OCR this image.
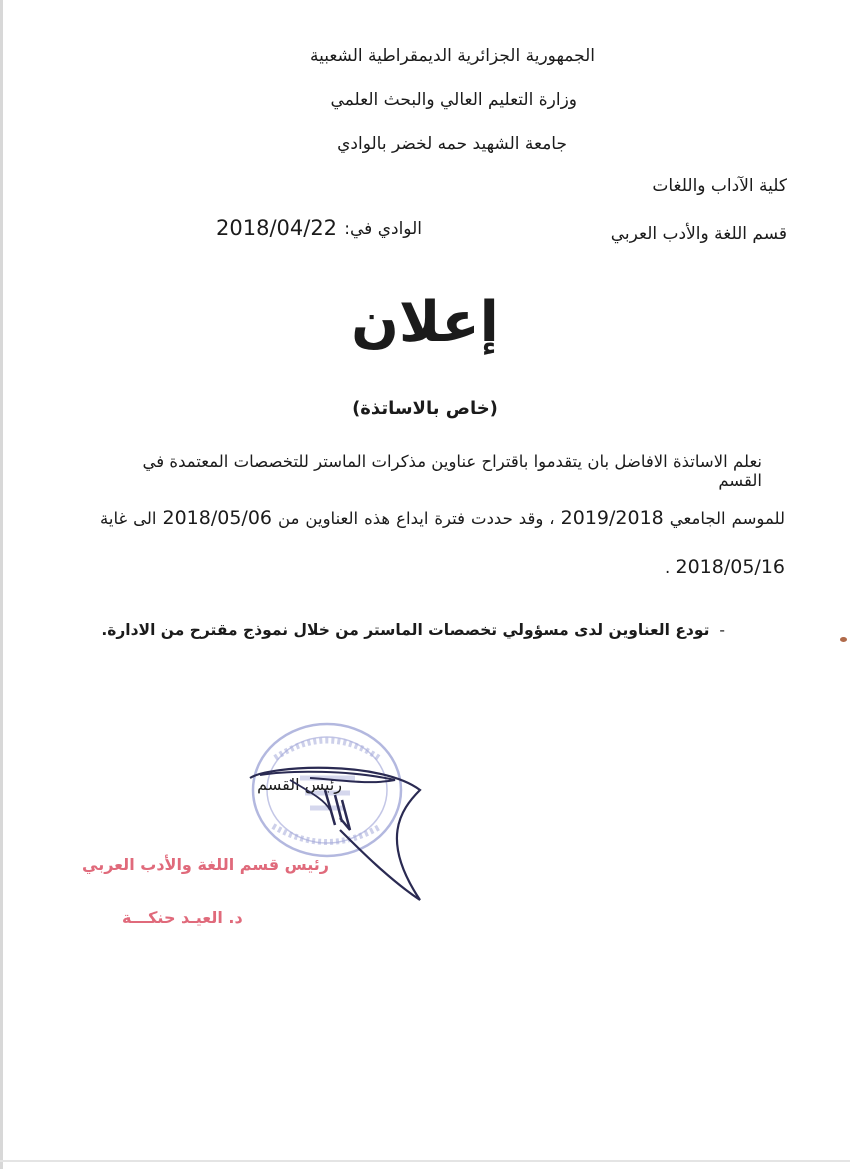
الجمهورية الجزائرية الديمقراطية الشعبية
وزارة التعليم العالي والبحث العلمي
جامعة الشهيد حمه لخضر بالوادي
كلية الآداب واللغات
قسم اللغة والأدب العربي
الوادي في:
2018/04/22
إعلان
(خاص بالاساتذة)
نعلم الاساتذة الافاضل بان يتقدموا باقتراح عناوين مذكرات الماستر للتخصصات المعتمدة في القسم
للموسم الجامعي 2019/2018 ، وقد حددت فترة ايداع هذه العناوين من 2018/05/06 الى غاية
2018/05/16 .
-تودع العناوين لدى مسؤولي تخصصات الماستر من خلال نموذج مقترح من الادارة.
رئيس القسم
رئيس قسم اللغة والأدب العربي
د. العيـد حنكـــة
